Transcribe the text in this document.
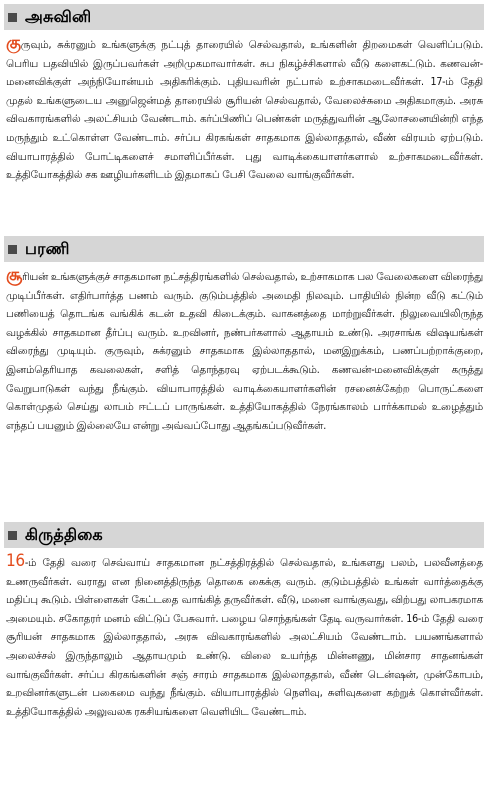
அசுவினி

குருவும், சுக்ரனும் உங்களுக்கு நட்புத் தாரையில் செல்வதால், உங்களின் திறமைகள் வெளிப்படும். பெரிய பதவியில் இருப்பவர்கள் அறிமுகமாவார்கள். சுப நிகழ்ச்சிகளால் வீடு களைகட்டும். கணவன்-மனைவிக்குள் அந்நியோன்யம் அதிகரிக்கும். புதியவரின் நட்பால் உற்சாகமடைவீர்கள். 17-ம் தேதி முதல் உங்களுடைய அனுஜென்மத் தாரையில் சூரியன் செல்வதால், வேலைச்சுமை அதிகமாகும். அரசு விவகாரங்களில் அலட்சியம் வேண்டாம். கர்ப்பிணிப் பெண்கள் மருத்துவரின் ஆலோசனையின்றி எந்த மருந்தும் உட்கொள்ள வேண்டாம். சர்ப்ப கிரகங்கள் சாதகமாக இல்லாததால், வீண் விரயம் ஏற்படும். வியாபாரத்தில் போட்டிகளைச் சமாளிப்பீர்கள். புது வாடிக்கையாளர்களால் உற்சாகமடைவீர்கள். உத்தியோகத்தில் சக ஊழியர்களிடம் இதமாகப் பேசி வேலை வாங்குவீர்கள்.

பரணி

சூரியன் உங்களுக்குச் சாதகமான நட்சத்திரங்களில் செல்வதால், உற்சாகமாக பல வேலைகளை விரைந்து முடிப்பீர்கள். எதிர்பார்த்த பணம் வரும். குடும்பத்தில் அமைதி நிலவும். பாதியில் நின்ற வீடு கட்டும் பணியைத் தொடங்க வங்கிக் கடன் உதவி கிடைக்கும். வாகனத்தை மாற்றுவீர்கள். நிலுவையிலிருந்த வழக்கில் சாதகமான தீர்ப்பு வரும். உறவினர், நண்பர்களால் ஆதாயம் உண்டு. அரசாங்க விஷயங்கள் விரைந்து முடியும். குருவும், சுக்ரனும் சாதகமாக இல்லாததால், மனஇறுக்கம், பணப்பற்றாக்குறை, இனம்தெரியாத கவலைகள், சளித் தொந்தரவு ஏற்படக்கூடும். கணவன்-மனைவிக்குள் கருத்து வேறுபாடுகள் வந்து நீங்கும். வியாபாரத்தில் வாடிக்கையாளர்களின் ரசனைக்கேற்ற பொருட்களை கொள்முதல் செய்து லாபம் ஈட்டப் பாருங்கள். உத்தியோகத்தில் நேரங்காலம் பார்க்காமல் உழைத்தும் எந்தப் பயனும் இல்லையே என்று அவ்வப்போது ஆதங்கப்படுவீர்கள்.

கிருத்திகை

16-ம் தேதி வரை செவ்வாய் சாதகமான நட்சத்திரத்தில் செல்வதால், உங்களது பலம், பலவீனத்தை உணருவீர்கள். வராது என நினைத்திருந்த தொகை கைக்கு வரும். குடும்பத்தில் உங்கள் வார்த்தைக்கு மதிப்பு கூடும். பிள்ளைகள் கேட்டதை வாங்கித் தருவீர்கள். வீடு, மனை வாங்குவது, விற்பது லாபகரமாக அமையும். சகோதரர் மனம் விட்டுப் பேசுவார். பழைய சொந்தங்கள் தேடி வருவார்கள். 16-ம் தேதி வரை சூரியன் சாதகமாக இல்லாததால், அரசு விவகாரங்களில் அலட்சியம் வேண்டாம். பயணங்களால் அலைச்சல் இருந்தாலும் ஆதாயமும் உண்டு. விலை உயர்ந்த மின்னணு, மின்சார சாதனங்கள் வாங்குவீர்கள். சர்ப்ப கிரகங்களின் சஞ் சாரம் சாதகமாக இல்லாததால், வீண் டென்ஷன், முன்கோபம், உறவினர்களுடன் பகைமை வந்து நீங்கும். வியாபாரத்தில் நெளிவு, சுளிவுகளை கற்றுக் கொள்வீர்கள். உத்தியோகத்தில் அலுவலக ரகசியங்களை வெளியிட வேண்டாம்.
